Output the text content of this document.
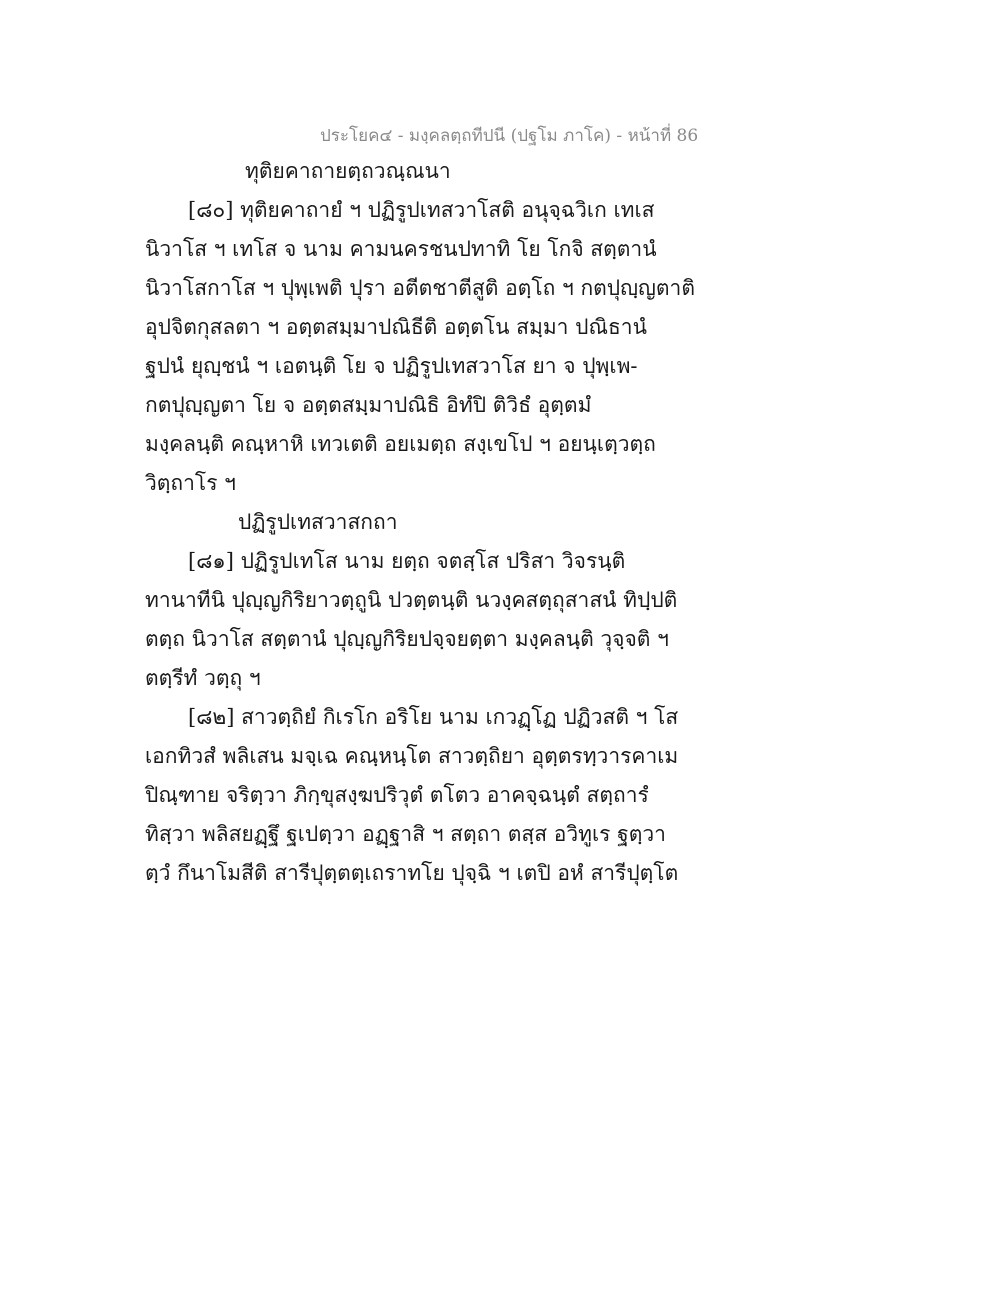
ประโยค๔ - มงฺคลตฺถทีปนี (ปฐโม ภาโค) - หน้าที่ 86
ทุติยคาถายตฺถวณฺณนา
[๘๐] ทุติยคาถายํ ฯ ปฏิรูปเทสวาโสติ อนุจฺฉวิเก เทเส
นิวาโส ฯ เทโส จ นาม คามนครชนปทาทิ โย โกจิ สตฺตานํ
นิวาโสกาโส ฯ ปุพฺเพติ ปุรา อตีตชาตีสูติ อตฺโถ ฯ กตปุญฺญตาติ
อุปจิตกุสลตา ฯ อตฺตสมฺมาปณิธีติ อตฺตโน สมฺมา ปณิธานํ
ฐปนํ ยุญฺชนํ ฯ เอตนฺติ โย จ ปฏิรูปเทสวาโส ยา จ ปุพฺเพ-
กตปุญฺญตา โย จ อตฺตสมฺมาปณิธิ อิทํปิ ติวิธํ อุตฺตมํ
มงฺคลนฺติ คณฺหาหิ เทวเตติ อยเมตฺถ สงฺเขโป ฯ อยนฺเตฺวตฺถ
วิตฺถาโร ฯ
ปฏิรูปเทสวาสกถา
[๘๑] ปฏิรูปเทโส นาม ยตฺถ จตสฺโส ปริสา วิจรนฺติ
ทานาทีนิ ปุญฺญกิริยาวตฺถูนิ ปวตฺตนฺติ นวงฺคสตฺถุสาสนํ ทิปฺปติ
ตตฺถ นิวาโส สตฺตานํ ปุญฺญกิริยปจฺจยตฺตา มงฺคลนฺติ วุจฺจติ ฯ
ตตฺรีทํ วตฺถุ ฯ
[๘๒] สาวตฺถิยํ กิเรโก อริโย นาม เกวฏฺโฏ ปฏิวสติ ฯ โส
เอกทิวสํ พลิเสน มจฺเฉ คณฺหนฺโต สาวตฺถิยา อุตฺตรทฺวารคาเม
ปิณฺฑาย จริตฺวา ภิกฺขุสงฺฆปริวุตํ ตโตว อาคจฺฉนฺตํ สตฺถารํ
ทิสฺวา พลิสยฏฺฐึ ฐเปตฺวา อฏฺฐาสิ ฯ สตฺถา ตสฺส อวิทูเร ฐตฺวา
ตฺวํ กึนาโมสีติ สารีปุตฺตตฺเถราทโย ปุจฺฉิ ฯ เตปิ อหํ สารีปุตฺโต
